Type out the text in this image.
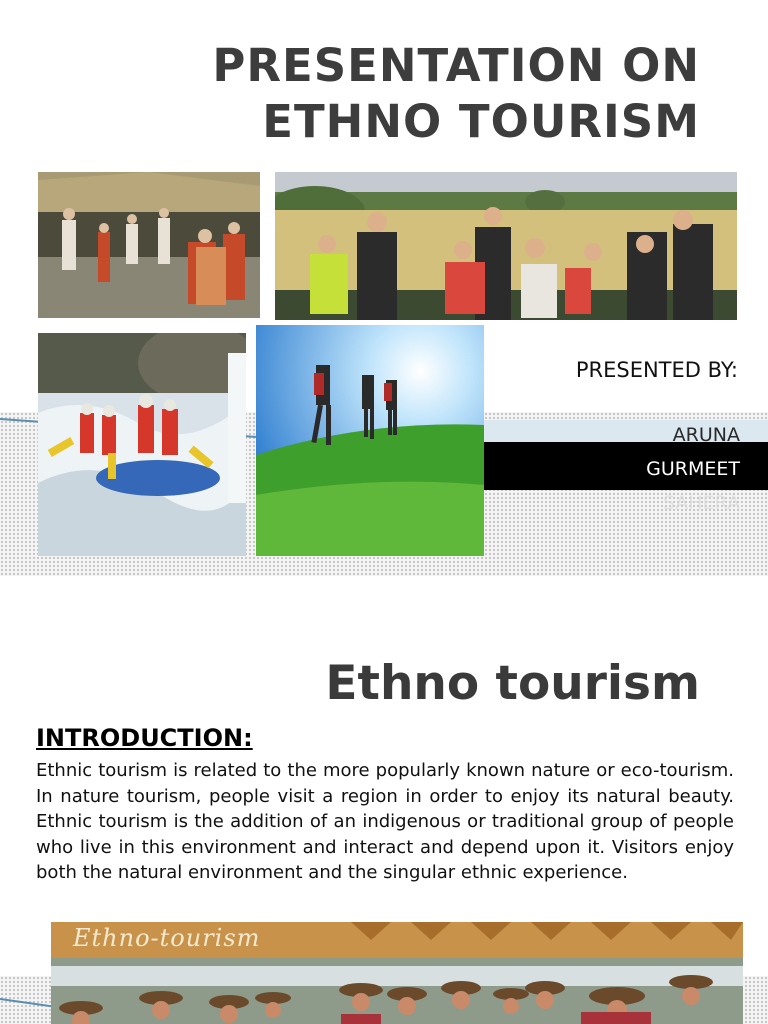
PRESENTATION ON
ETHNO TOURISM
PRESENTED BY:
ARUNA
GURMEET
SAHERA
Ethno tourism
INTRODUCTION:

Ethnic tourism is related to the more popularly known nature or eco-tourism. In nature tourism, people visit a region in order to enjoy its natural beauty. Ethnic tourism is the addition of an indigenous or traditional group of people who live in this environment and interact and depend upon it. Visitors enjoy both the natural environment and the singular ethnic experience.

Ethno-tourism
